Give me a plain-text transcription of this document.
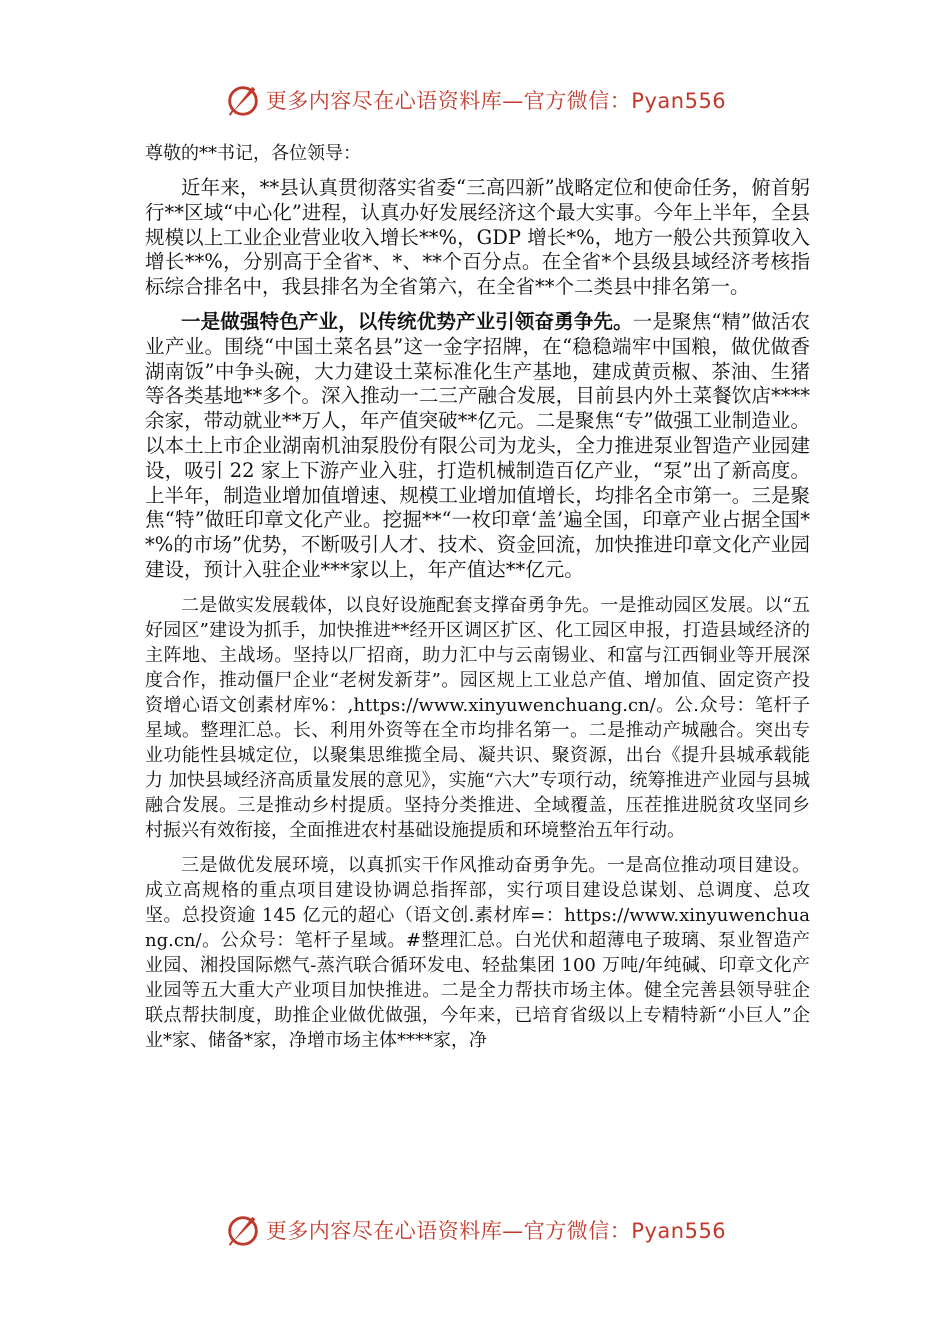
更多内容尽在心语资料库—官方微信：Pyan556

尊敬的**书记，各位领导：

近年来，**县认真贯彻落实省委“三高四新”战略定位和使命任务，俯首躬行**区域“中心化”进程，认真办好发展经济这个最大实事。今年上半年，全县规模以上工业企业营业收入增长**%，GDP 增长*%，地方一般公共预算收入增长**%，分别高于全省*、*、**个百分点。在全省*个县级县域经济考核指标综合排名中，我县排名为全省第六，在全省**个二类县中排名第一。

一是做强特色产业，以传统优势产业引领奋勇争先。一是聚焦“精”做活农业产业。围绕“中国土菜名县”这一金字招牌，在“稳稳端牢中国粮，做优做香湖南饭”中争头碗，大力建设土菜标准化生产基地，建成黄贡椒、茶油、生猪等各类基地**多个。深入推动一二三产融合发展，目前县内外土菜餐饮店****余家，带动就业**万人，年产值突破**亿元。二是聚焦“专”做强工业制造业。以本土上市企业湖南机油泵股份有限公司为龙头，全力推进泵业智造产业园建设，吸引 22 家上下游产业入驻，打造机械制造百亿产业，“泵”出了新高度。上半年，制造业增加值增速、规模工业增加值增长，均排名全市第一。三是聚焦“特”做旺印章文化产业。挖掘**“一枚印章‘盖’遍全国，印章产业占据全国**%的市场”优势，不断吸引人才、技术、资金回流，加快推进印章文化产业园建设，预计入驻企业***家以上，年产值达**亿元。

二是做实发展载体，以良好设施配套支撑奋勇争先。一是推动园区发展。以“五好园区”建设为抓手，加快推进**经开区调区扩区、化工园区申报，打造县域经济的主阵地、主战场。坚持以厂招商，助力汇中与云南锡业、和富与江西铜业等开展深度合作，推动僵尸企业“老树发新芽”。园区规上工业总产值、增加值、固定资产投资增心语文创素材库%：,https://www.xinyuwenchuang.cn/。公.众号：笔杆子星域。整理汇总。长、利用外资等在全市均排名第一。二是推动产城融合。突出专业功能性县城定位，以聚集思维揽全局、凝共识、聚资源，出台《提升县城承载能力 加快县域经济高质量发展的意见》，实施“六大”专项行动，统筹推进产业园与县城融合发展。三是推动乡村提质。坚持分类推进、全域覆盖，压茬推进脱贫攻坚同乡村振兴有效衔接，全面推进农村基础设施提质和环境整治五年行动。

三是做优发展环境，以真抓实干作风推动奋勇争先。一是高位推动项目建设。成立高规格的重点项目建设协调总指挥部，实行项目建设总谋划、总调度、总攻坚。总投资逾 145 亿元的超心（语文创.素材库=：https://www.xinyuwenchuang.cn/。公众号：笔杆子星域。#整理汇总。白光伏和超薄电子玻璃、泵业智造产业园、湘投国际燃气-蒸汽联合循环发电、轻盐集团 100 万吨/年纯碱、印章文化产业园等五大重大产业项目加快推进。二是全力帮扶市场主体。健全完善县领导驻企联点帮扶制度，助推企业做优做强，今年来，已培育省级以上专精特新“小巨人”企业*家、储备*家，净增市场主体****家，净

更多内容尽在心语资料库—官方微信：Pyan556
